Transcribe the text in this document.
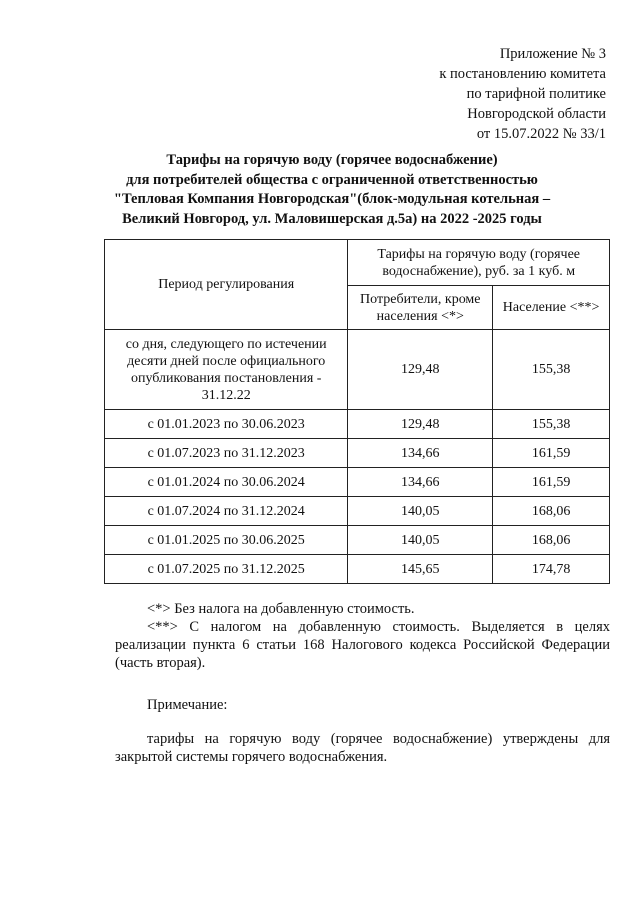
Приложение № 3
к постановлению комитета
по тарифной политике
Новгородской области
от 15.07.2022 № 33/1
Тарифы на горячую воду (горячее водоснабжение)
для потребителей общества с ограниченной ответственностью
"Тепловая Компания Новгородская"(блок-модульная котельная –
Великий Новгород, ул. Маловишерская д.5а) на 2022 -2025 годы
Период регулирования	Тарифы на горячую воду (горячее водоснабжение), руб. за 1 куб. м	
	Потребители, кроме населения <*>	Население <**>
со дня, следующего по истечении десяти дней после официального опубликования постановления - 31.12.22	129,48	155,38
с 01.01.2023 по 30.06.2023	129,48	155,38
с 01.07.2023 по 31.12.2023	134,66	161,59
с 01.01.2024 по 30.06.2024	134,66	161,59
с 01.07.2024 по 31.12.2024	140,05	168,06
с 01.01.2025 по 30.06.2025	140,05	168,06
с 01.07.2025 по 31.12.2025	145,65	174,78

<*> Без налога на добавленную стоимость.

<**> С налогом на добавленную стоимость. Выделяется в целях реализации пункта 6 статьи 168 Налогового кодекса Российской Федерации (часть вторая).

Примечание:

тарифы на горячую воду (горячее водоснабжение) утверждены для закрытой системы горячего водоснабжения.
